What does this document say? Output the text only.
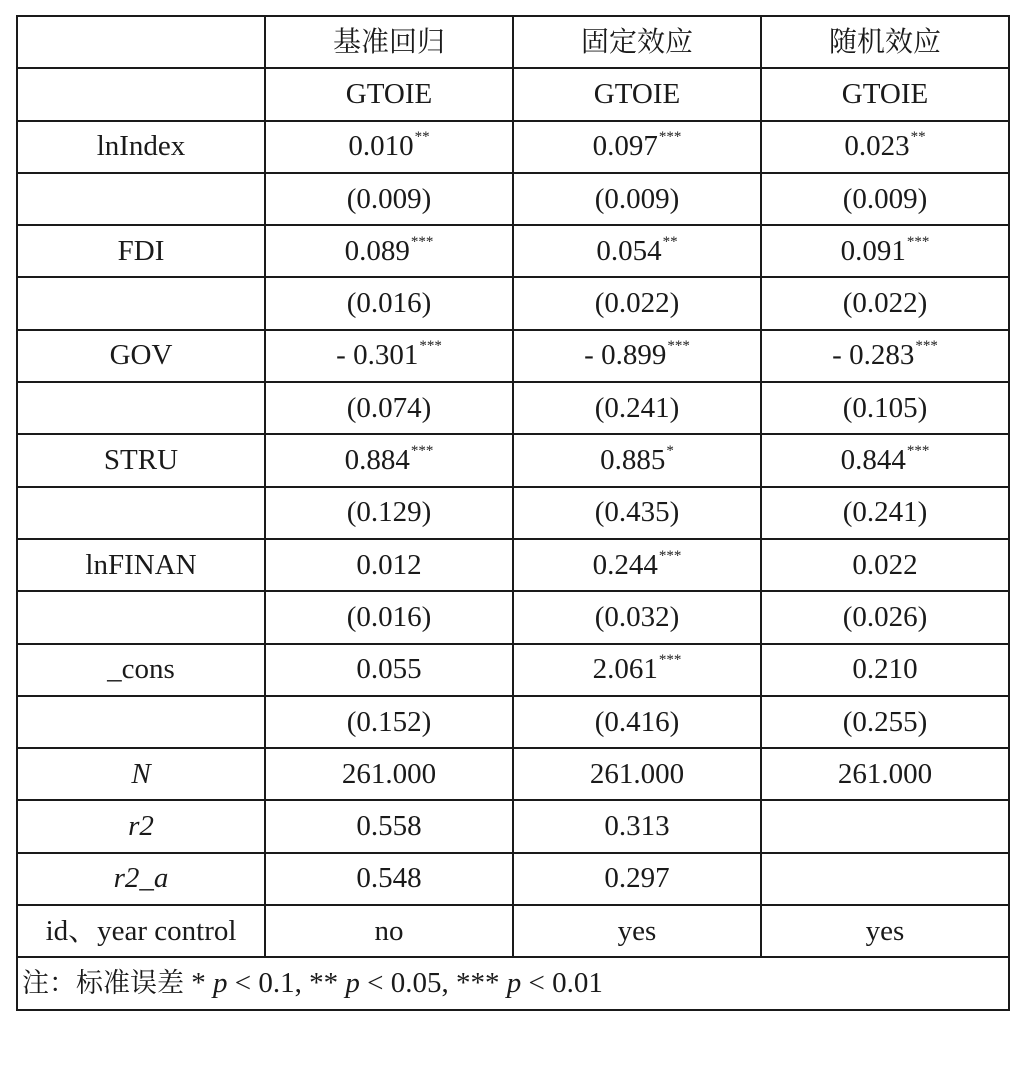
	基准回归	固定效应	随机效应
	GTOIE	GTOIE	GTOIE
lnIndex	0.010**	0.097***	0.023**
	(0.009)	(0.009)	(0.009)
FDI	0.089***	0.054**	0.091***
	(0.016)	(0.022)	(0.022)
GOV	- 0.301***	- 0.899***	- 0.283***
	(0.074)	(0.241)	(0.105)
STRU	0.884***	0.885*	0.844***
	(0.129)	(0.435)	(0.241)
lnFINAN	0.012	0.244***	0.022
	(0.016)	(0.032)	(0.026)
_cons	0.055	2.061***	0.210
	(0.152)	(0.416)	(0.255)
N	261.000	261.000	261.000
r2	0.558	0.313	
r2_a	0.548	0.297	
id、year control	no	yes	yes
注：标准误差 * p < 0.1, ** p < 0.05, *** p < 0.01			
